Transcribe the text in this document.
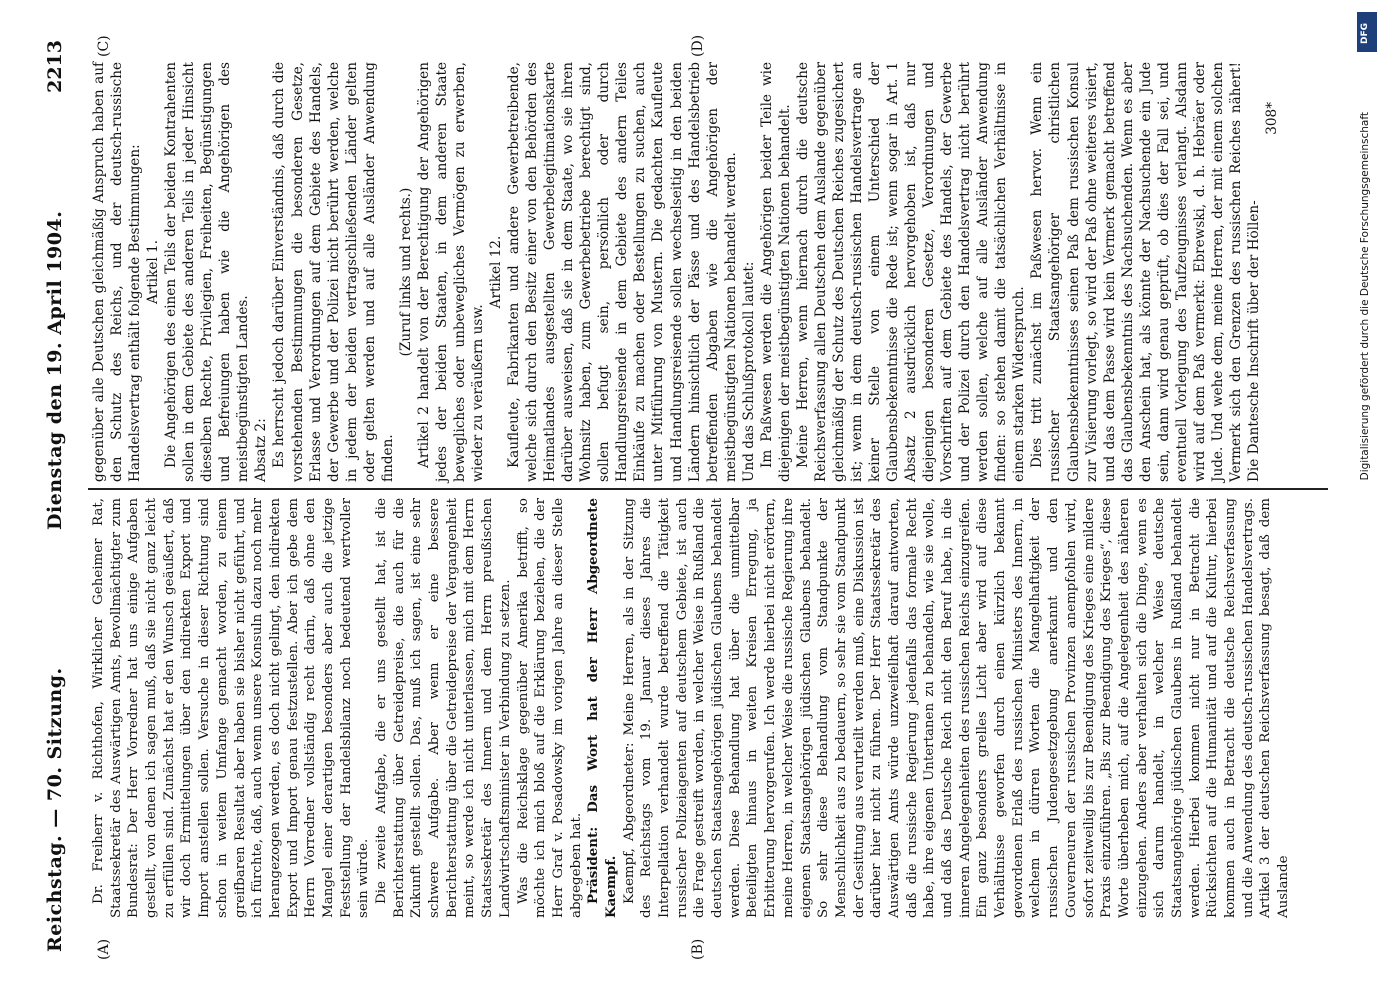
Reichstag. — 70. Sitzung.
Dienstag den 19. April 1904.
2213
(A)	(B)
(C)	(D)

Dr. Freiherr v. Richthofen, Wirklicher Geheimer Rat, Staatssekretär des Auswärtigen Amts, Bevollmächtigter zum Bundesrat: Der Herr Vorredner hat uns einige Aufgaben gestellt, von denen ich sagen muß, daß sie nicht ganz leicht zu erfüllen sind. Zunächst hat er den Wunsch geäußert, daß wir doch Ermittelungen über den indirekten Export und Import anstellen sollen. Versuche in dieser Richtung sind schon in weitem Umfange gemacht worden, zu einem greifbaren Resultat aber haben sie bisher nicht geführt, und ich fürchte, daß, auch wenn unsere Konsuln dazu noch mehr herangezogen werden, es doch nicht gelingt, den indirekten Export und Import genau festzustellen. Aber ich gebe dem Herrn Vorredner vollständig recht darin, daß ohne den Mangel einer derartigen besonders aber auch die jetzige Feststellung der Handelsbilanz noch bedeutend wertvoller sein würde. Die zweite Aufgabe, die er uns gestellt hat, ist die Berichterstattung über Getreidepreise, die auch für die Zukunft gestellt sollen. Das, muß ich sagen, ist eine sehr schwere Aufgabe. Aber wenn er eine bessere Berichterstattung über die Getreidepreise der Vergangenheit meint, so werde ich nicht unterlassen, mich mit dem Herrn Staatssekretär des Innern und dem Herrn preußischen Landwirtschaftsminister in Verbindung zu setzen. Was die Reichsklage gegenüber Amerika betrifft, so möchte ich mich bloß auf die Erklärung beziehen, die der Herr Graf v. Posadowsky im vorigen Jahre an dieser Stelle abgegeben hat. Präsident: Das Wort hat der Herr Abgeordnete Kaempf. Kaempf, Abgeordneter: Meine Herren, als in der Sitzung des Reichstags vom 19. Januar dieses Jahres die Interpellation verhandelt wurde betreffend die Tätigkeit russischer Polizeiagenten auf deutschem Gebiete, ist auch die Frage gestreift worden, in welcher Weise in Rußland die deutschen Staatsangehörigen jüdischen Glaubens behandelt werden. Diese Behandlung hat über die unmittelbar Beteiligten hinaus in weiten Kreisen Erregung, ja Erbitterung hervorgerufen. Ich werde hierbei nicht erörtern, meine Herren, in welcher Weise die russische Regierung ihre eigenen Staatsangehörigen jüdischen Glaubens behandelt. So sehr diese Behandlung vom Standpunkte der Menschlichkeit aus zu bedauern, so sehr sie vom Standpunkt der Gesittung aus verurteilt werden muß, eine Diskussion ist darüber hier nicht zu führen. Der Herr Staatssekretär des Auswärtigen Amts würde unzweifelhaft darauf antworten, daß die russische Regierung jedenfalls das formale Recht habe, ihre eigenen Untertanen zu behandeln, wie sie wolle, und daß das Deutsche Reich nicht den Beruf habe, in die inneren Angelegenheiten des russischen Reichs einzugreifen. Ein ganz besonders grelles Licht aber wird auf diese Verhältnisse geworfen durch einen kürzlich bekannt gewordenen Erlaß des russischen Ministers des Innern, in welchem in dürren Worten die Mangelhaftigkeit der russischen Judengesetzgebung anerkannt und den Gouverneuren der russischen Provinzen anempfohlen wird, sofort zeitweilig bis zur Beendigung des Krieges eine mildere Praxis einzuführen. „Bis zur Beendigung des Krieges“, diese Worte überheben mich, auf die Angelegenheit des näheren einzugehen. Anders aber verhalten sich die Dinge, wenn es sich darum handelt, in welcher Weise deutsche Staatsangehörige jüdischen Glaubens in Rußland behandelt werden. Hierbei kommen nicht nur in Betracht die Rücksichten auf die Humanität und auf die Kultur, hierbei kommen auch in Betracht die deutsche Reichsverfassung und die Anwendung des deutsch-russischen Handelsvertrags. Artikel 3 der deutschen Reichsverfassung besagt, daß dem Auslande

gegenüber alle Deutschen gleichmäßig Anspruch haben auf den Schutz des Reichs, und der deutsch-russische Handelsvertrag enthält folgende Bestimmungen: Artikel 1. Die Angehörigen des einen Teils der beiden Kontrahenten sollen in dem Gebiete des anderen Teils in jeder Hinsicht dieselben Rechte, Privilegien, Freiheiten, Begünstigungen und Befreiungen haben wie die Angehörigen des meistbegünstigten Landes. Absatz 2: Es herrscht jedoch darüber Einverständnis, daß durch die vorstehenden Bestimmungen die besonderen Gesetze, Erlasse und Verordnungen auf dem Gebiete des Handels, der Gewerbe und der Polizei nicht berührt werden, welche in jedem der beiden vertragschließenden Länder gelten oder gelten werden und auf alle Ausländer Anwendung finden.

(Zuruf links und rechts.) Artikel 2 handelt von der Berechtigung der Angehörigen jedes der beiden Staaten, in dem anderen Staate bewegliches oder unbewegliches Vermögen zu erwerben, wieder zu veräußern usw.

Artikel 12. Kaufleute, Fabrikanten und andere Gewerbetreibende, welche sich durch den Besitz einer von den Behörden des Heimatlandes ausgestellten Gewerbelegitimationskarte darüber ausweisen, daß sie in dem Staate, wo sie ihren Wohnsitz haben, zum Gewerbebetriebe berechtigt sind, sollen befugt sein, persönlich oder durch Handlungsreisende in dem Gebiete des andern Teiles Einkäufe zu machen oder Bestellungen zu suchen, auch unter Mitführung von Mustern. Die gedachten Kaufleute und Handlungsreisende sollen wechselseitig in den beiden Ländern hinsichtlich der Pässe und des Handelsbetrieb betreffenden Abgaben wie die Angehörigen der meistbegünstigten Nationen behandelt werden. Und das Schlußprotokoll lautet: Im Paßwesen werden die Angehörigen beider Teile wie diejenigen der meistbegünstigten Nationen behandelt. Meine Herren, wenn hiernach durch die deutsche Reichsverfassung allen Deutschen dem Auslande gegenüber gleichmäßig der Schutz des Deutschen Reiches zugesichert ist; wenn in dem deutsch-russischen Handelsvertrage an keiner Stelle von einem Unterschied der Glaubensbekenntnisse die Rede ist; wenn sogar in Art. 1 Absatz 2 ausdrücklich hervorgehoben ist, daß nur diejenigen besonderen Gesetze, Verordnungen und Vorschriften auf dem Gebiete des Handels, der Gewerbe und der Polizei durch den Handelsvertrag nicht berührt werden sollen, welche auf alle Ausländer Anwendung finden: so stehen damit die tatsächlichen Verhältnisse in einem starken Widerspruch. Dies tritt zunächst im Paßwesen hervor. Wenn ein russischer Staatsangehöriger christlichen Glaubensbekenntnisses seinen Paß dem russischen Konsul zur Visierung vorlegt, so wird der Paß ohne weiteres visiert, und das dem Passe wird kein Vermerk gemacht betreffend das Glaubensbekenntnis des Nachsuchenden. Wenn es aber den Anschein hat, als könnte der Nachsuchende ein Jude sein, dann wird genau geprüft, ob dies der Fall sei, und eventuell Vorlegung des Taufzeugnisses verlangt. Alsdann wird auf dem Paß vermerkt: Ebrewski, d. h. Hebräer oder Jude. Und wehe dem, meine Herren, der mit einem solchen Vermerk sich den Grenzen des russischen Reiches nähert! Die Dantesche Inschrift über der Höllen-

308*

DFG
Digitalisierung gefördert durch die Deutsche Forschungsgemeinschaft
